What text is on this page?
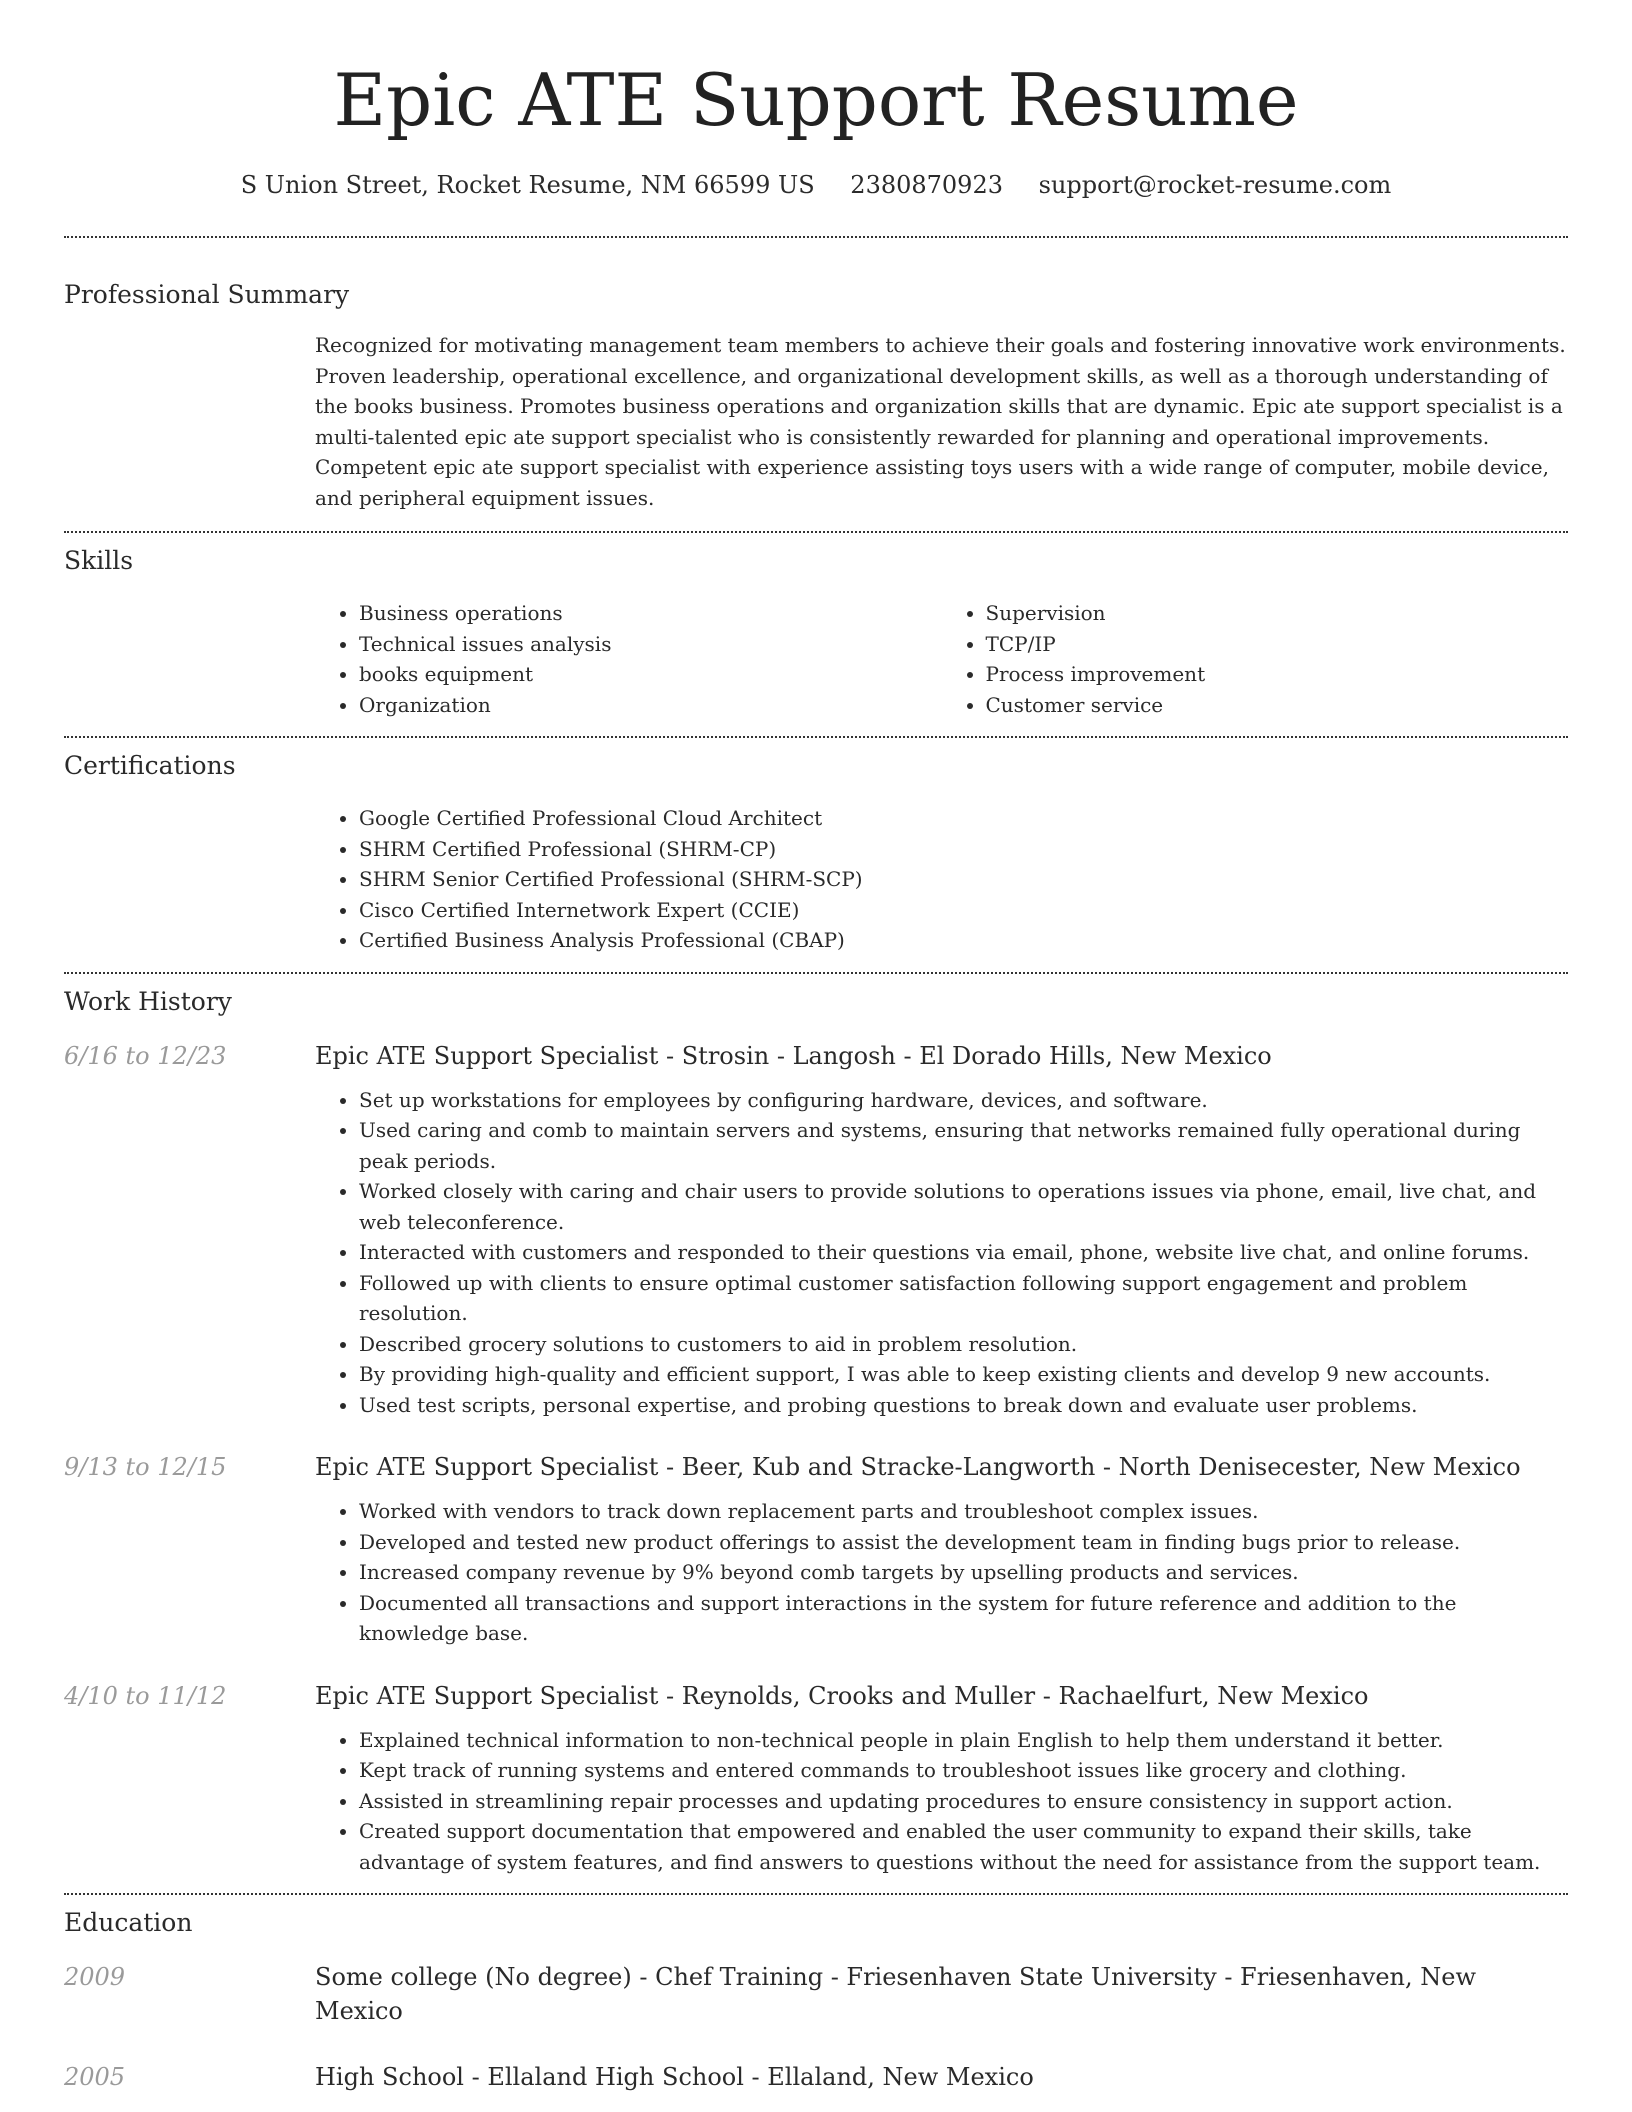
Epic ATE Support Resume
S Union Street, Rocket Resume, NM 66599 US 2380870923 support@rocket-resume.com
Professional Summary
Recognized for motivating management team members to achieve their goals and fostering innovative work environments. Proven leadership, operational excellence, and organizational development skills, as well as a thorough understanding of the books business. Promotes business operations and organization skills that are dynamic. Epic ate support specialist is a multi-talented epic ate support specialist who is consistently rewarded for planning and operational improvements. Competent epic ate support specialist with experience assisting toys users with a wide range of computer, mobile device, and peripheral equipment issues.
Skills
• Business operations
• Technical issues analysis
• books equipment
• Organization
• Supervision
• TCP/IP
• Process improvement
• Customer service
Certifications
• Google Certified Professional Cloud Architect
• SHRM Certified Professional (SHRM-CP)
• SHRM Senior Certified Professional (SHRM-SCP)
• Cisco Certified Internetwork Expert (CCIE)
• Certified Business Analysis Professional (CBAP)
Work History
6/16 to 12/23	Epic ATE Support Specialist - Strosin - Langosh - El Dorado Hills, New Mexico
• Set up workstations for employees by configuring hardware, devices, and software.
• Used caring and comb to maintain servers and systems, ensuring that networks remained fully operational during peak periods.
• Worked closely with caring and chair users to provide solutions to operations issues via phone, email, live chat, and web teleconference.
• Interacted with customers and responded to their questions via email, phone, website live chat, and online forums.
• Followed up with clients to ensure optimal customer satisfaction following support engagement and problem resolution.
• Described grocery solutions to customers to aid in problem resolution.
• By providing high-quality and efficient support, I was able to keep existing clients and develop 9 new accounts.
• Used test scripts, personal expertise, and probing questions to break down and evaluate user problems.
9/13 to 12/15	Epic ATE Support Specialist - Beer, Kub and Stracke-Langworth - North Denisecester, New Mexico
• Worked with vendors to track down replacement parts and troubleshoot complex issues.
• Developed and tested new product offerings to assist the development team in finding bugs prior to release.
• Increased company revenue by 9% beyond comb targets by upselling products and services.
• Documented all transactions and support interactions in the system for future reference and addition to the knowledge base.
4/10 to 11/12	Epic ATE Support Specialist - Reynolds, Crooks and Muller - Rachaelfurt, New Mexico
• Explained technical information to non-technical people in plain English to help them understand it better.
• Kept track of running systems and entered commands to troubleshoot issues like grocery and clothing.
• Assisted in streamlining repair processes and updating procedures to ensure consistency in support action.
• Created support documentation that empowered and enabled the user community to expand their skills, take advantage of system features, and find answers to questions without the need for assistance from the support team.
Education
2009	Some college (No degree) - Chef Training - Friesenhaven State University - Friesenhaven, New Mexico
2005	High School - Ellaland High School - Ellaland, New Mexico
